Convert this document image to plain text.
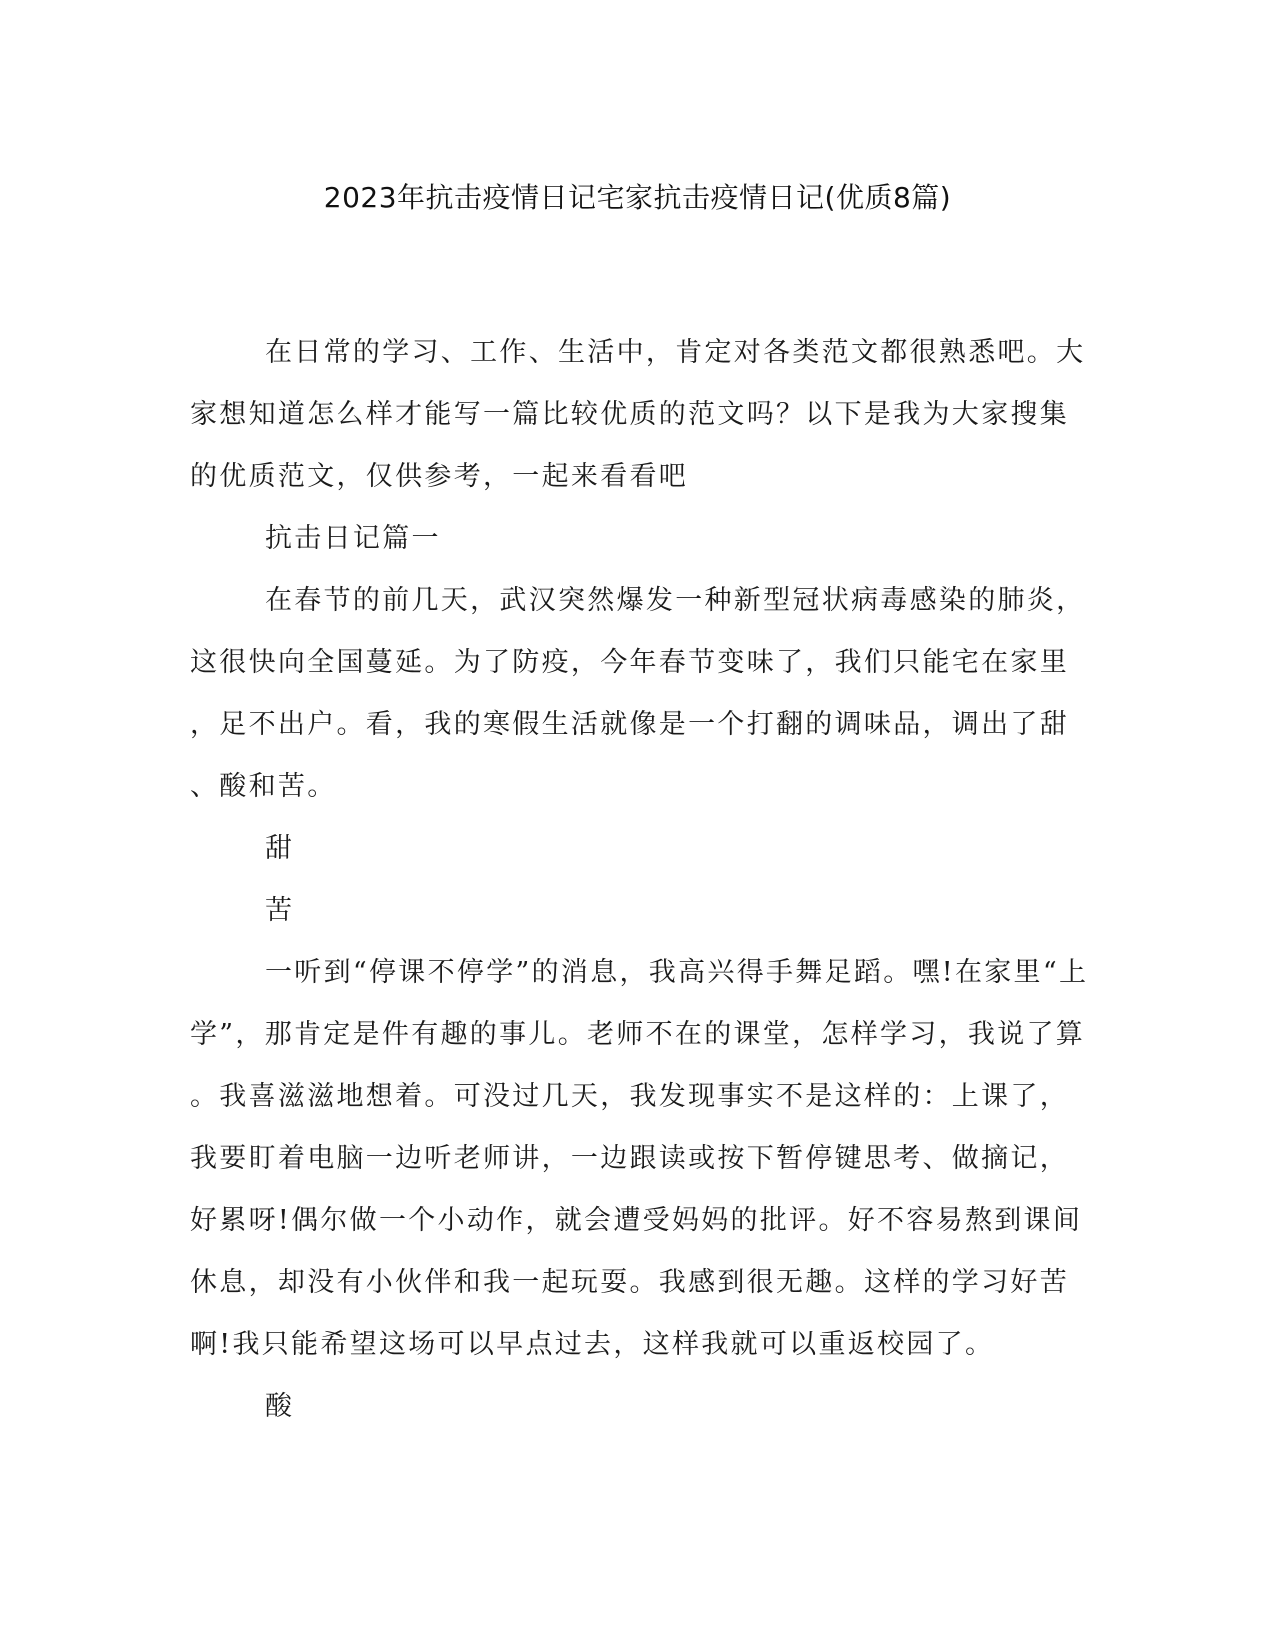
2023年抗击疫情日记宅家抗击疫情日记(优质8篇)
在日常的学习、工作、生活中，肯定对各类范文都很熟悉吧。大
家想知道怎么样才能写一篇比较优质的范文吗？以下是我为大家搜集
的优质范文，仅供参考，一起来看看吧
抗击日记篇一
在春节的前几天，武汉突然爆发一种新型冠状病毒感染的肺炎，
这很快向全国蔓延。为了防疫，今年春节变味了，我们只能宅在家里
，足不出户。看，我的寒假生活就像是一个打翻的调味品，调出了甜
、酸和苦。
甜
苦
一听到“停课不停学”的消息，我高兴得手舞足蹈。嘿!在家里“上
学”，那肯定是件有趣的事儿。老师不在的课堂，怎样学习，我说了算
。我喜滋滋地想着。可没过几天，我发现事实不是这样的：上课了，
我要盯着电脑一边听老师讲，一边跟读或按下暂停键思考、做摘记，
好累呀!偶尔做一个小动作，就会遭受妈妈的批评。好不容易熬到课间
休息，却没有小伙伴和我一起玩耍。我感到很无趣。这样的学习好苦
啊!我只能希望这场可以早点过去，这样我就可以重返校园了。
酸
